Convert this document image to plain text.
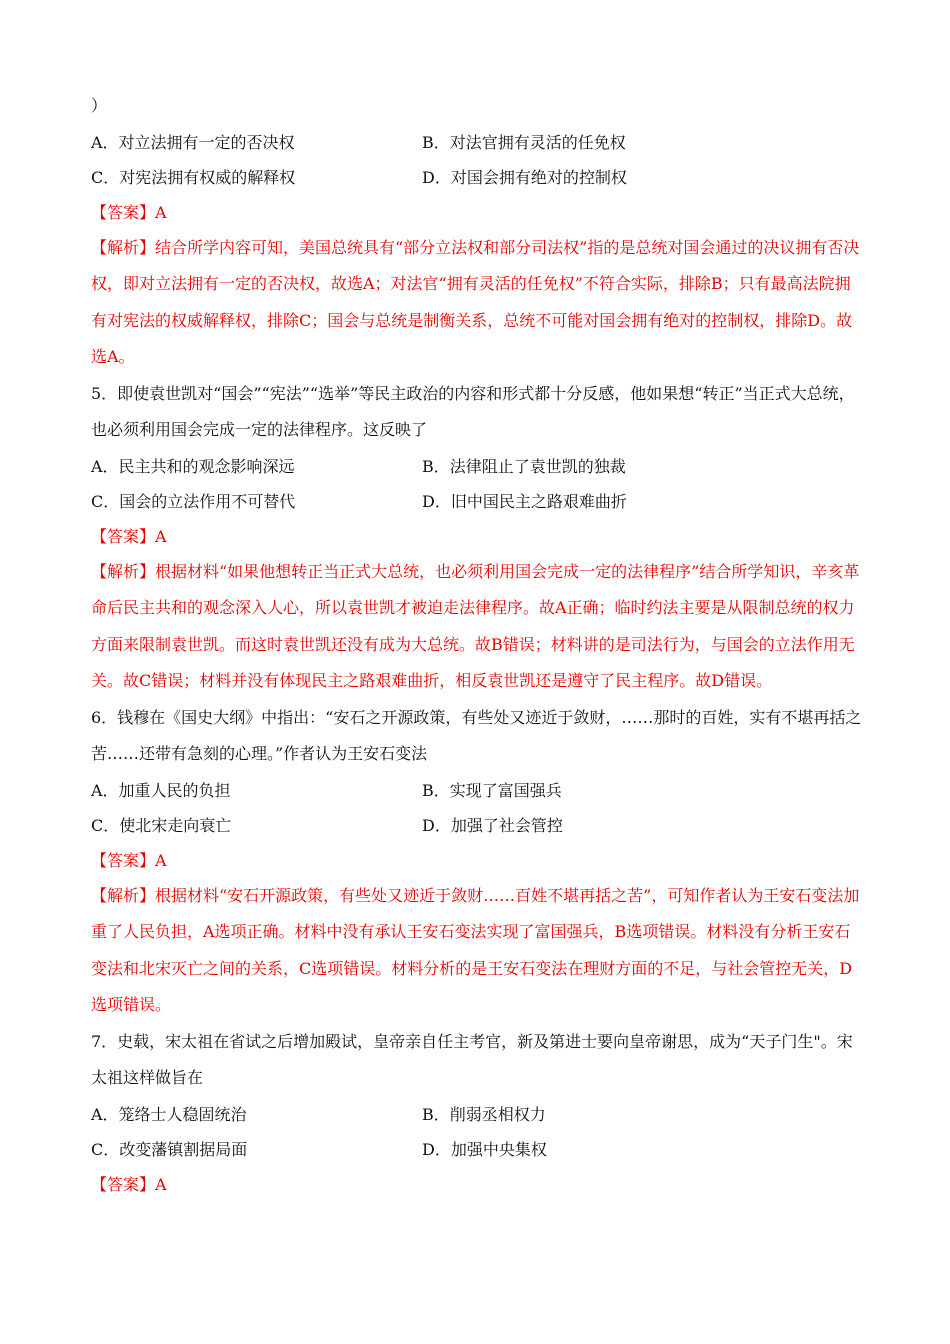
）
A．对立法拥有一定的否决权	B．对法官拥有灵活的任免权
C．对宪法拥有权威的解释权	D．对国会拥有绝对的控制权
【答案】A
【解析】结合所学内容可知，美国总统具有“部分立法权和部分司法权”指的是总统对国会通过的决议拥有否决权，即对立法拥有一定的否决权，故选A；对法官“拥有灵活的任免权”不符合实际，排除B；只有最高法院拥有对宪法的权威解释权，排除C；国会与总统是制衡关系，总统不可能对国会拥有绝对的控制权，排除D。故选A。
5．即使袁世凯对“国会”“宪法”“选举”等民主政治的内容和形式都十分反感，他如果想“转正”当正式大总统，也必须利用国会完成一定的法律程序。这反映了
A．民主共和的观念影响深远	B．法律阻止了袁世凯的独裁
C．国会的立法作用不可替代	D．旧中国民主之路艰难曲折
【答案】A
【解析】根据材料“如果他想转正当正式大总统，也必须利用国会完成一定的法律程序”结合所学知识，辛亥革命后民主共和的观念深入人心，所以袁世凯才被迫走法律程序。故A正确；临时约法主要是从限制总统的权力方面来限制袁世凯。而这时袁世凯还没有成为大总统。故B错误；材料讲的是司法行为，与国会的立法作用无关。故C错误；材料并没有体现民主之路艰难曲折，相反袁世凯还是遵守了民主程序。故D错误。
6．钱穆在《国史大纲》中指出：“安石之开源政策，有些处又迹近于敛财，……那时的百姓，实有不堪再括之苦……还带有急刻的心理。”作者认为王安石变法
A．加重人民的负担	B．实现了富国强兵
C．使北宋走向衰亡	D．加强了社会管控
【答案】A
【解析】根据材料“安石开源政策，有些处又迹近于敛财……百姓不堪再括之苦”，可知作者认为王安石变法加重了人民负担，A选项正确。材料中没有承认王安石变法实现了富国强兵，B选项错误。材料没有分析王安石变法和北宋灭亡之间的关系，C选项错误。材料分析的是王安石变法在理财方面的不足，与社会管控无关，D选项错误。
7．史载，宋太祖在省试之后增加殿试，皇帝亲自任主考官，新及第进士要向皇帝谢思，成为“天子门生"。宋太祖这样做旨在
A．笼络士人稳固统治	B．削弱丞相权力
C．改变藩镇割据局面	D．加强中央集权
【答案】A
